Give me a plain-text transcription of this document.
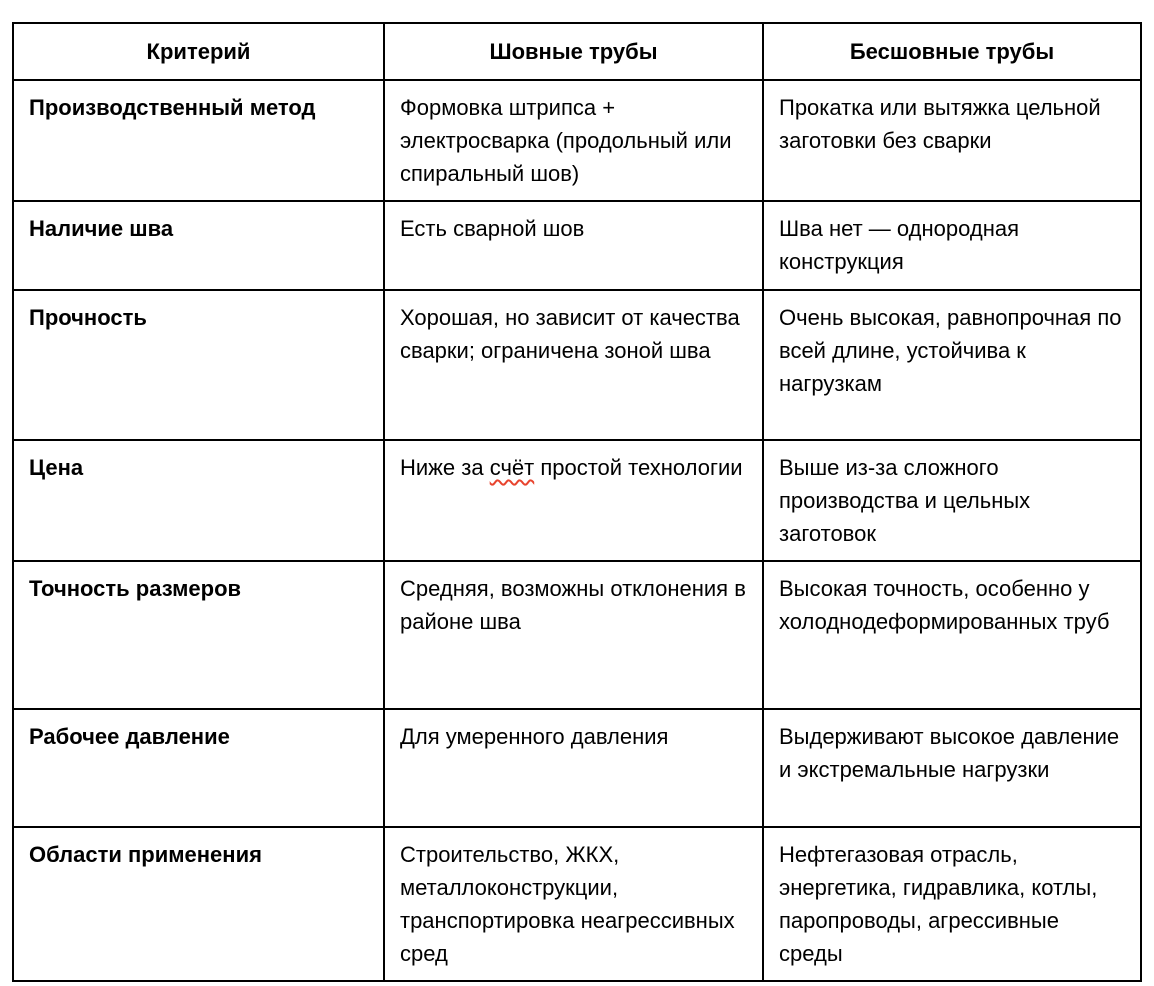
Критерий	Шовные трубы	Бесшовные трубы
Производственный метод	Формовка штрипса + электросварка (продольный или спиральный шов)	Прокатка или вытяжка цельной заготовки без сварки
Наличие шва	Есть сварной шов	Шва нет — однородная конструкция
Прочность	Хорошая, но зависит от качества сварки; ограничена зоной шва	Очень высокая, равнопрочная по всей длине, устойчива к нагрузкам
Цена	Ниже за счёт простой технологии	Выше из-за сложного производства и цельных заготовок
Точность размеров	Средняя, возможны отклонения в районе шва	Высокая точность, особенно у холоднодеформированных труб
Рабочее давление	Для умеренного давления	Выдерживают высокое давление и экстремальные нагрузки
Области применения	Строительство, ЖКХ, металлоконструкции, транспортировка неагрессивных сред	Нефтегазовая отрасль, энергетика, гидравлика, котлы, паропроводы, агрессивные среды
